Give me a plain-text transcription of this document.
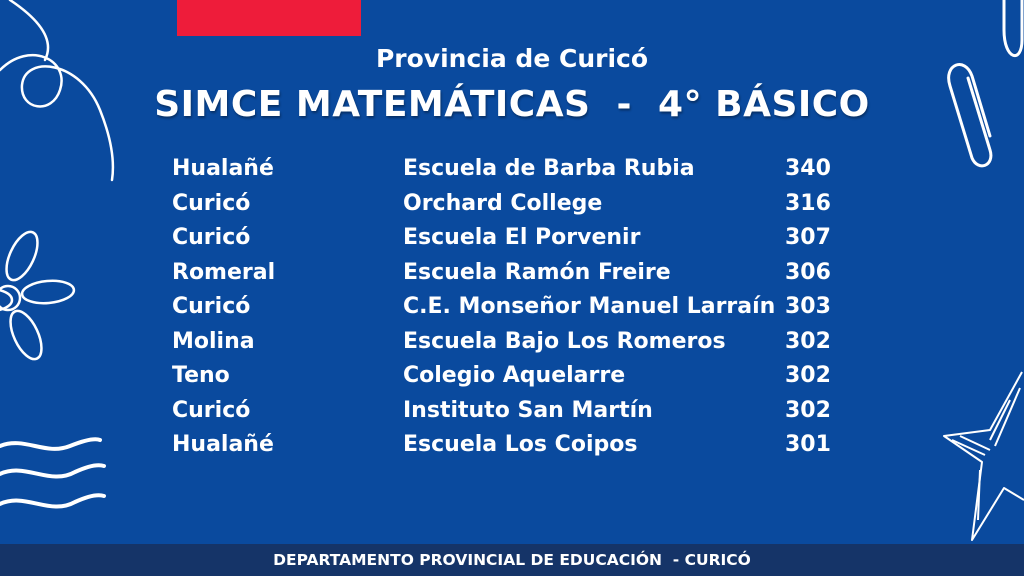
Provincia de Curicó
SIMCE MATEMÁTICAS  -  4° BÁSICO
Hualañé	Escuela de Barba Rubia	340
Curicó	Orchard College	316
Curicó	Escuela El Porvenir	307
Romeral	Escuela Ramón Freire	306
Curicó	C.E. Monseñor Manuel Larraín 303
Molina	Escuela Bajo Los Romeros	302
Teno	Colegio Aquelarre	302
Curicó	Instituto San Martín	302
Hualañé	Escuela Los Coipos	301
DEPARTAMENTO PROVINCIAL DE EDUCACIÓN  - CURICÓ
